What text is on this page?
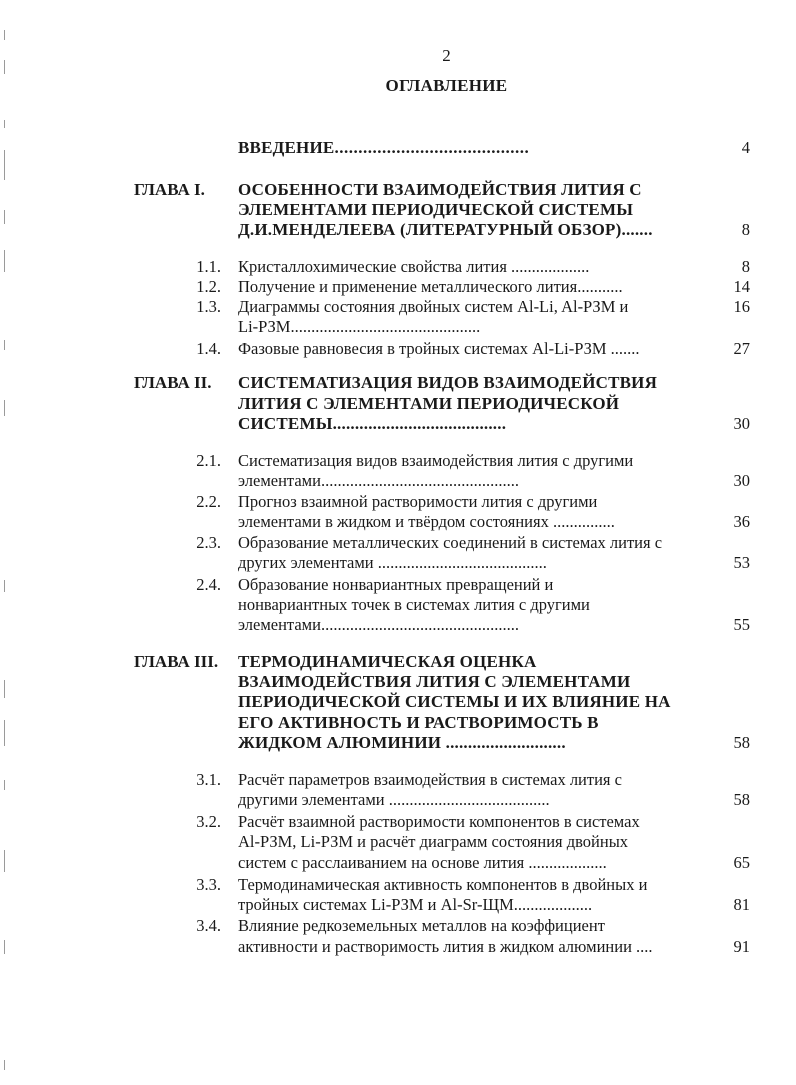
2
ОГЛАВЛЕНИЕ
ВВЕДЕНИЕ.........................................	4
ГЛАВА I. ОСОБЕННОСТИ ВЗАИМОДЕЙСТВИЯ ЛИТИЯ С
ЭЛЕМЕНТАМИ ПЕРИОДИЧЕСКОЙ СИСТЕМЫ
Д.И.МЕНДЕЛЕЕВА (ЛИТЕРАТУРНЫЙ ОБЗОР).......	8
1.1. Кристаллохимические свойства лития ...................	8
1.2. Получение и применение металлического лития...........	14
1.3. Диаграммы состояния двойных систем Al-Li, Al-РЗМ и	16
Li-РЗМ..............................................
1.4. Фазовые равновесия в тройных системах Al-Li-РЗМ .......	27
ГЛАВА II. СИСТЕМАТИЗАЦИЯ ВИДОВ ВЗАИМОДЕЙСТВИЯ
ЛИТИЯ С ЭЛЕМЕНТАМИ ПЕРИОДИЧЕСКОЙ
СИСТЕМЫ.......................................	30
2.1. Систематизация видов взаимодействия лития с другими
элементами................................................	30
2.2. Прогноз взаимной растворимости лития с другими
элементами в жидком и твёрдом состояниях ...............	36
2.3. Образование металлических соединений в системах лития с
других элементами .........................................	53
2.4. Образование нонвариантных превращений и
нонвариантных точек в системах лития с другими
элементами................................................	55
ГЛАВА III. ТЕРМОДИНАМИЧЕСКАЯ ОЦЕНКА
ВЗАИМОДЕЙСТВИЯ ЛИТИЯ С ЭЛЕМЕНТАМИ
ПЕРИОДИЧЕСКОЙ СИСТЕМЫ И ИХ ВЛИЯНИЕ НА
ЕГО АКТИВНОСТЬ И РАСТВОРИМОСТЬ В
ЖИДКОМ АЛЮМИНИИ ...........................	58
3.1. Расчёт параметров взаимодействия в системах лития с
другими элементами .......................................	58
3.2. Расчёт взаимной растворимости компонентов в системах
Al-РЗМ, Li-РЗМ и расчёт диаграмм состояния двойных
систем с расслаиванием на основе лития ...................	65
3.3. Термодинамическая активность компонентов в двойных и
тройных системах Li-РЗМ и Al-Sr-ЩМ...................	81
3.4. Влияние редкоземельных металлов на коэффициент
активности и растворимость лития в жидком алюминии ....	91
